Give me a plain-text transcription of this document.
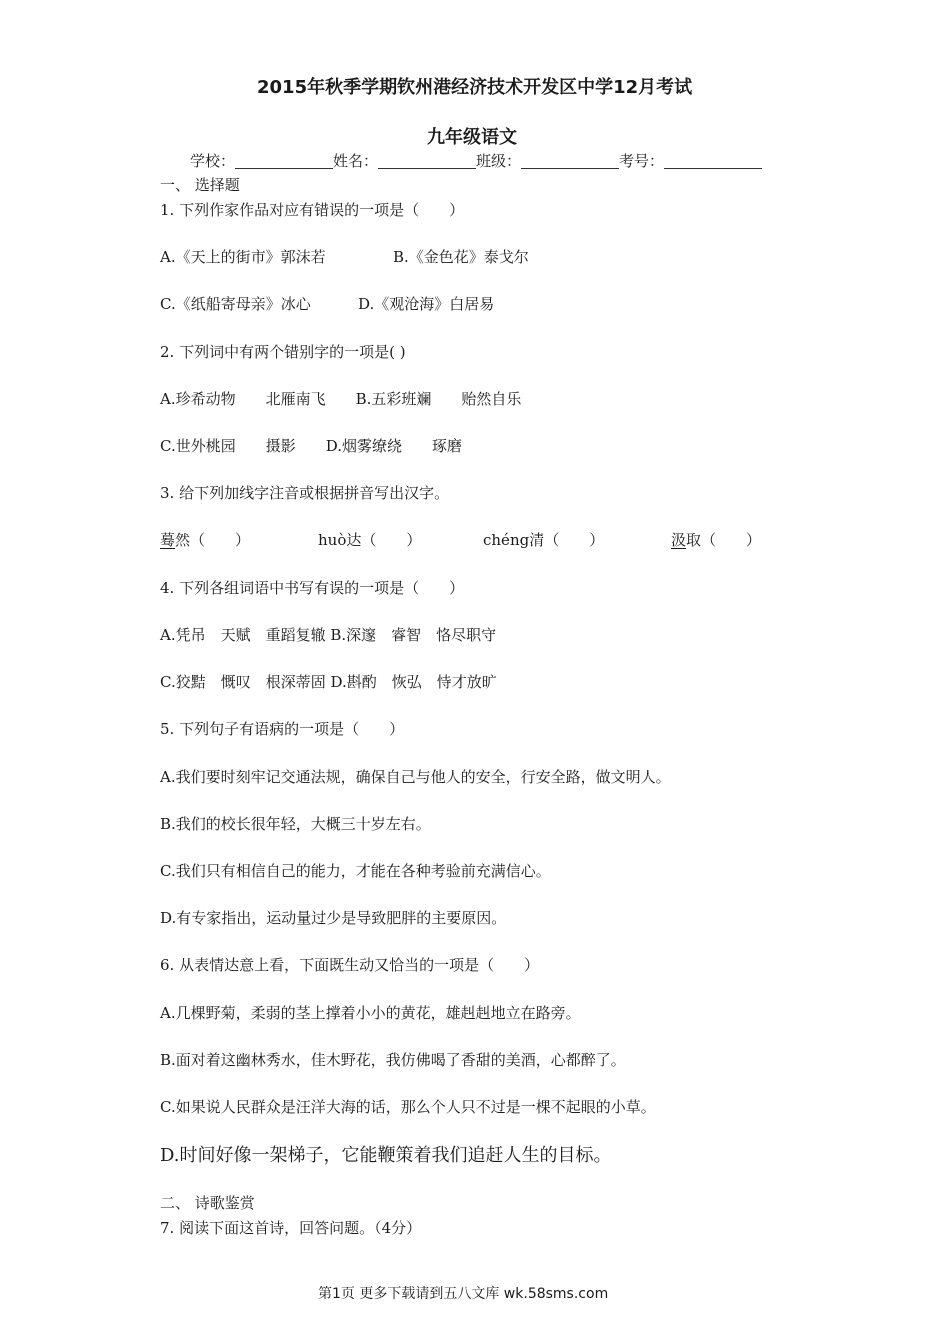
2015年秋季学期钦州港经济技术开发区中学12月考试
九年级语文
学校：	姓名：	班级：	考号：
一、 选择题
1. 下列作家作品对应有错误的一项是（　　）
A.《天上的街市》郭沫若	B.《金色花》泰戈尔
C.《纸船寄母亲》冰心	D.《观沧海》白居易
2. 下列词中有两个错别字的一项是( )
A.珍希动物 北雁南飞 B.五彩班斓 贻然自乐
C.世外桃园 摄影 D.烟雾缭绕 琢磨
3. 给下列加线字注音或根据拼音写出汉字。
蓦然（　　）	huò达（　　）	chéng清（　　）	汲取（　　）
4. 下列各组词语中书写有误的一项是（　　）
A.凭吊　天赋　重蹈复辙 B.深邃　睿智　恪尽职守
C.狡黠　慨叹　根深蒂固 D.斟酌　恢弘　恃才放旷
5. 下列句子有语病的一项是（　　）
A.我们要时刻牢记交通法规，确保自己与他人的安全，行安全路，做文明人。
B.我们的校长很年轻，大概三十岁左右。
C.我们只有相信自己的能力，才能在各种考验前充满信心。
D.有专家指出，运动量过少是导致肥胖的主要原因。
6. 从表情达意上看，下面既生动又恰当的一项是（　　）
A.几棵野菊，柔弱的茎上撑着小小的黄花，雄赳赳地立在路旁。
B.面对着这幽林秀水，佳木野花，我仿佛喝了香甜的美酒，心都醉了。
C.如果说人民群众是汪洋大海的话，那么个人只不过是一棵不起眼的小草。
D.时间好像一架梯子，它能鞭策着我们追赶人生的目标。
二、 诗歌鉴赏
7. 阅读下面这首诗，回答问题。（4分）
第1页 更多下载请到五八文库 wk.58sms.com
